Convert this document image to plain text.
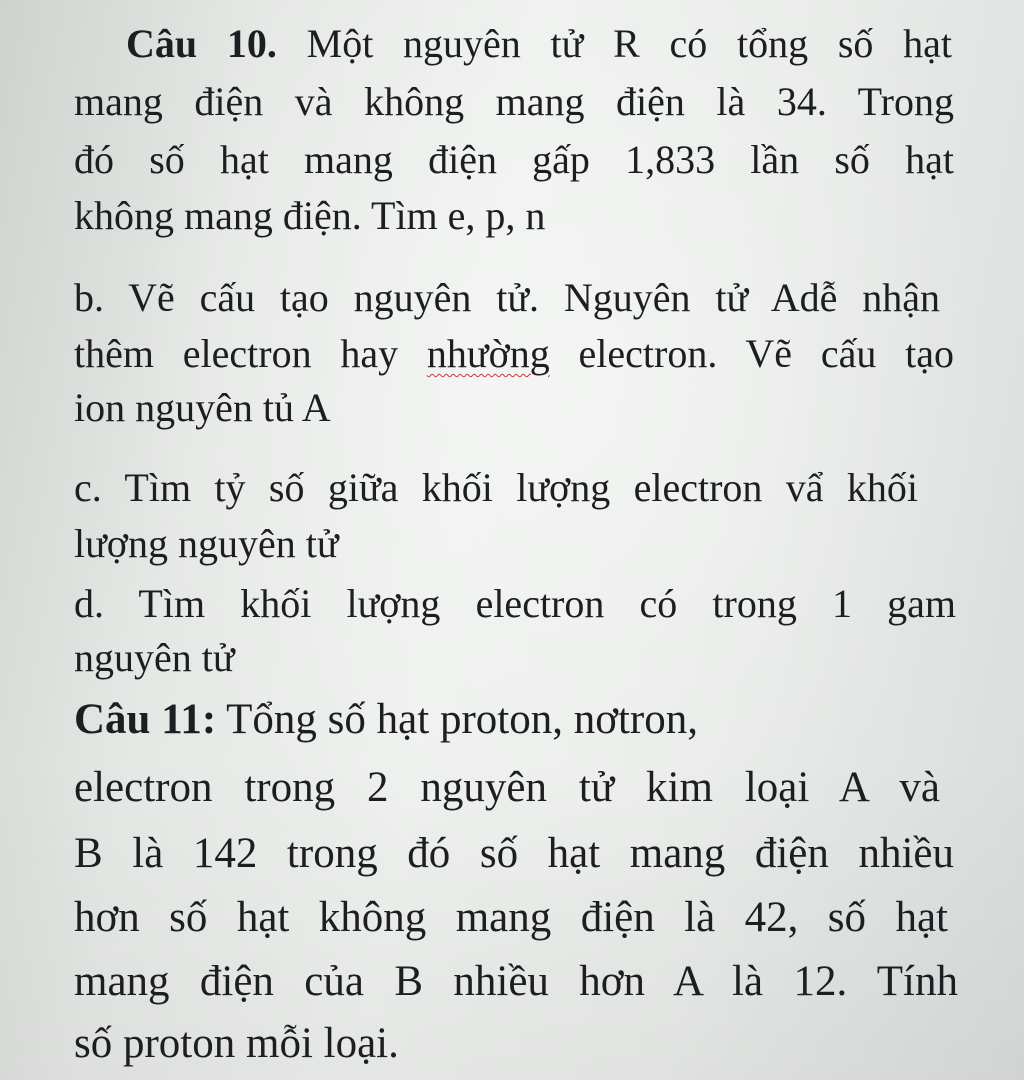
Câu 10. Một nguyên tử R có tổng số hạt
mang điện và không mang điện là 34. Trong
đó số hạt mang điện gấp 1,833 lần số hạt
không mang điện. Tìm e, p, n
b. Vẽ cấu tạo nguyên tử. Nguyên tử Adễ nhận
thêm electron hay nhường electron. Vẽ cấu tạo
ion nguyên tủ A
c. Tìm tỷ số giữa khối lượng electron vẩ khối
lượng nguyên tử
d. Tìm khối lượng electron có trong 1 gam
nguyên tử
Câu 11: Tổng số hạt proton, nơtron,
electron trong 2 nguyên tử kim loại A và
B là 142 trong đó số hạt mang điện nhiều
hơn số hạt không mang điện là 42, số hạt
mang điện của B nhiều hơn A là 12. Tính
số proton mỗi loại.
